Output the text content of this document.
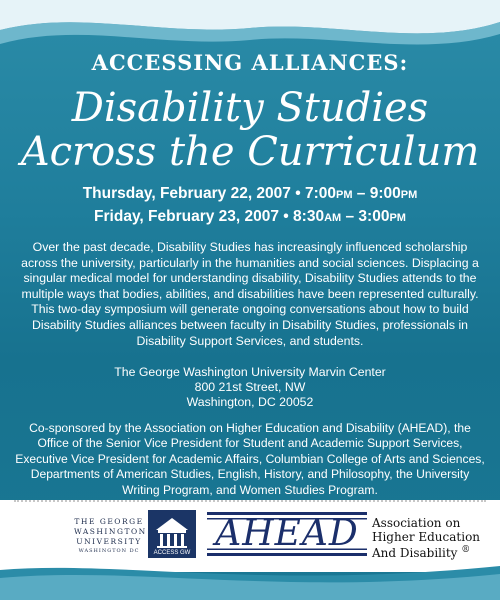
ACCESSING ALLIANCES:
Disability Studies
Across the Curriculum
Thursday, February 22, 2007 • 7:00PM – 9:00PM
Friday, February 23, 2007 • 8:30AM – 3:00PM
Over the past decade, Disability Studies has increasingly influenced scholarship across the university, particularly in the humanities and social sciences. Displacing a singular medical model for understanding disability, Disability Studies attends to the multiple ways that bodies, abilities, and disabilities have been represented culturally. This two-day symposium will generate ongoing conversations about how to build Disability Studies alliances between faculty in Disability Studies, professionals in Disability Support Services, and students.
The George Washington University Marvin Center
800 21st Street, NW
Washington, DC 20052
Co-sponsored by the Association on Higher Education and Disability (AHEAD), the Office of the Senior Vice President for Student and Academic Support Services, Executive Vice President for Academic Affairs, Columbian College of Arts and Sciences, Departments of American Studies, English, History, and Philosophy, the University Writing Program, and Women Studies Program.
THE GEORGE
WASHINGTON
UNIVERSITY
WASHINGTON DC	ACCESS GW AHEAD	Association on
Higher Education
And Disability ®
